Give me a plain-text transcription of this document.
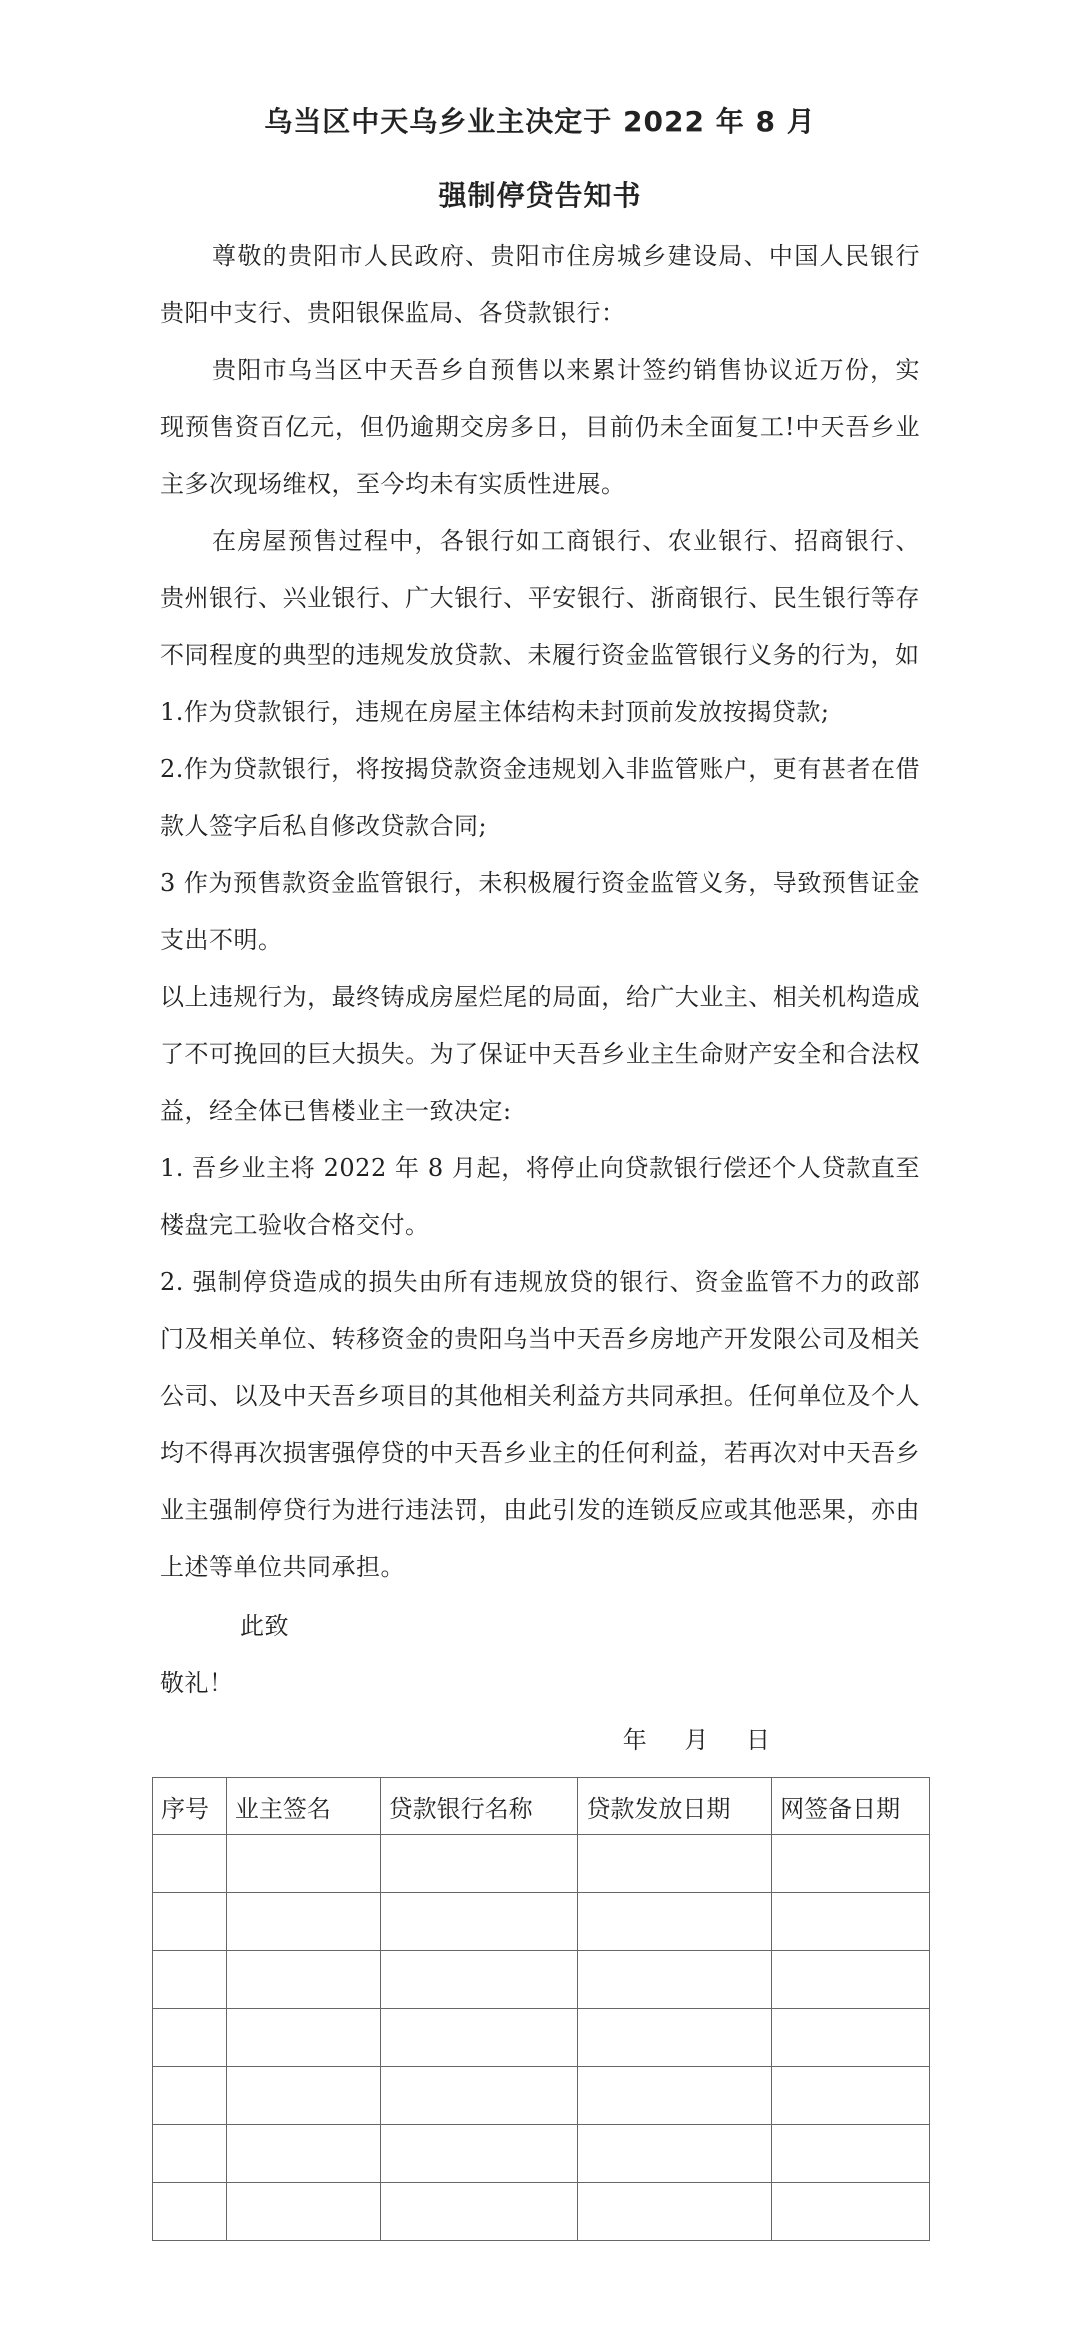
乌当区中天乌乡业主决定于 2022 年 8 月
强制停贷告知书

尊敬的贵阳市人民政府、贵阳市住房城乡建设局、中国人民银行贵阳中支行、贵阳银保监局、各贷款银行：

贵阳市乌当区中天吾乡自预售以来累计签约销售协议近万份，实现预售资百亿元，但仍逾期交房多日，目前仍未全面复工!中天吾乡业主多次现场维权，至今均未有实质性进展。

在房屋预售过程中，各银行如工商银行、农业银行、招商银行、贵州银行、兴业银行、广大银行、平安银行、浙商银行、民生银行等存不同程度的典型的违规发放贷款、未履行资金监管银行义务的行为，如

1.作为贷款银行，违规在房屋主体结构未封顶前发放按揭贷款;

2.作为贷款银行，将按揭贷款资金违规划入非监管账户，更有甚者在借款人签字后私自修改贷款合同;

3 作为预售款资金监管银行，未积极履行资金监管义务，导致预售证金支出不明。

以上违规行为，最终铸成房屋烂尾的局面，给广大业主、相关机构造成了不可挽回的巨大损失。为了保证中天吾乡业主生命财产安全和合法权益，经全体已售楼业主一致决定:

1. 吾乡业主将 2022 年 8 月起，将停止向贷款银行偿还个人贷款直至楼盘完工验收合格交付。

2. 强制停贷造成的损失由所有违规放贷的银行、资金监管不力的政部门及相关单位、转移资金的贵阳乌当中天吾乡房地产开发限公司及相关公司、以及中天吾乡项目的其他相关利益方共同承担。任何单位及个人均不得再次损害强停贷的中天吾乡业主的任何利益，若再次对中天吾乡业主强制停贷行为进行违法罚，由此引发的连锁反应或其他恶果，亦由上述等单位共同承担。

此致

敬礼！

年 月 日
序号	业主签名	贷款银行名称	贷款发放日期	网签备日期
